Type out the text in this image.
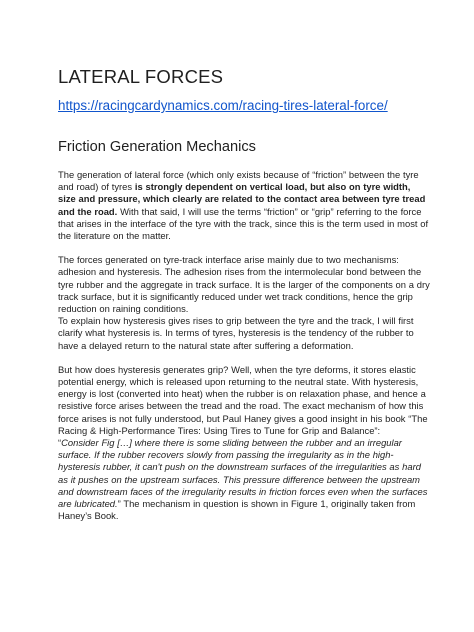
LATERAL FORCES
https://racingcardynamics.com/racing-tires-lateral-force/
Friction Generation Mechanics

The generation of lateral force (which only exists because of “friction” between the tyre and road) of tyres is strongly dependent on vertical load, but also on tyre width, size and pressure, which clearly are related to the contact area between tyre tread and the road. With that said, I will use the terms “friction” or “grip” referring to the force that arises in the interface of the tyre with the track, since this is the term used in most of the literature on the matter.

The forces generated on tyre-track interface arise mainly due to two mechanisms: adhesion and hysteresis. The adhesion rises from the intermolecular bond between the tyre rubber and the aggregate in track surface. It is the larger of the components on a dry track surface, but it is significantly reduced under wet track conditions, hence the grip reduction on raining conditions.

To explain how hysteresis gives rises to grip between the tyre and the track, I will first clarify what hysteresis is. In terms of tyres, hysteresis is the tendency of the rubber to have a delayed return to the natural state after suffering a deformation.

But how does hysteresis generates grip? Well, when the tyre deforms, it stores elastic potential energy, which is released upon returning to the neutral state. With hysteresis, energy is lost (converted into heat) when the rubber is on relaxation phase, and hence a resistive force arises between the tread and the road. The exact mechanism of how this force arises is not fully understood, but Paul Haney gives a good insight in his book “The Racing & High-Performance Tires: Using Tires to Tune for Grip and Balance”:

“Consider Fig […] where there is some sliding between the rubber and an irregular surface. If the rubber recovers slowly from passing the irregularity as in the high-hysteresis rubber, it can't push on the downstream surfaces of the irregularities as hard as it pushes on the upstream surfaces. This pressure difference between the upstream and downstream faces of the irregularity results in friction forces even when the surfaces are lubricated.” The mechanism in question is shown in Figure 1, originally taken from Haney’s Book.
